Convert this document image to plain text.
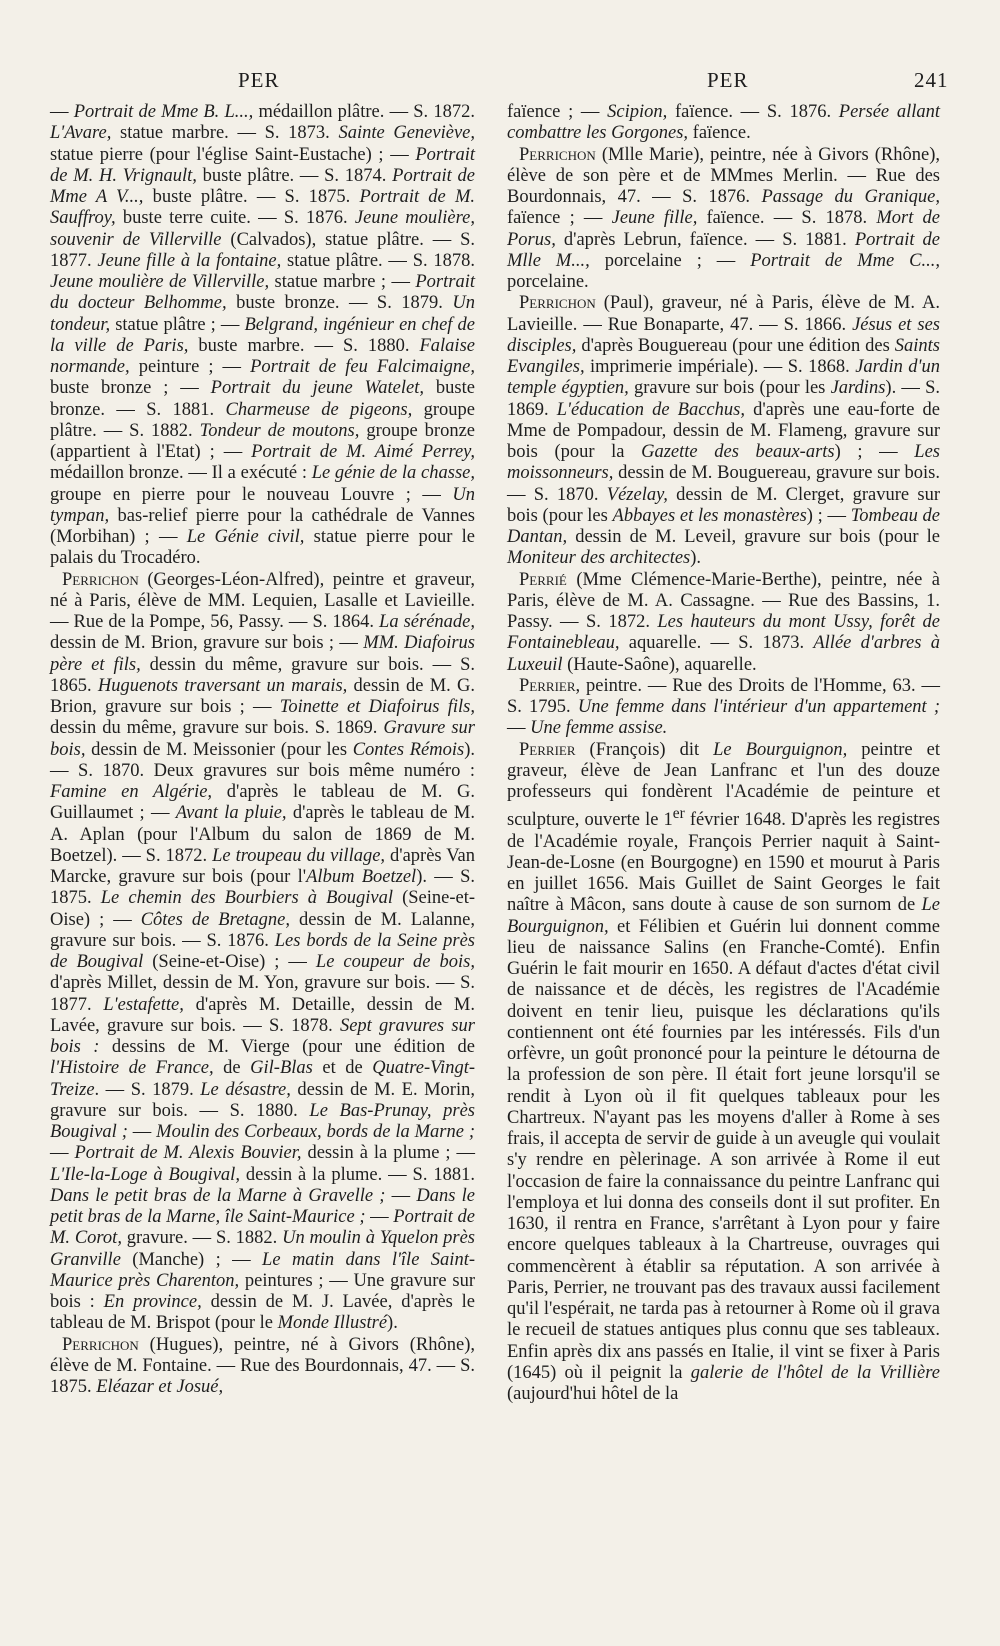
PER	PER	241

— Portrait de Mme B. L..., médaillon plâtre. — S. 1872. L'Avare, statue marbre. — S. 1873. Sainte Geneviève, statue pierre (pour l'église Saint-Eustache) ; — Portrait de M. H. Vrignault, buste plâtre. — S. 1874. Portrait de Mme A V..., buste plâtre. — S. 1875. Portrait de M. Sauffroy, buste terre cuite. — S. 1876. Jeune moulière, souvenir de Villerville (Calvados), statue plâtre. — S. 1877. Jeune fille à la fontaine, statue plâtre. — S. 1878. Jeune moulière de Villerville, statue marbre ; — Portrait du docteur Belhomme, buste bronze. — S. 1879. Un tondeur, statue plâtre ; — Belgrand, ingénieur en chef de la ville de Paris, buste marbre. — S. 1880. Falaise normande, peinture ; — Portrait de feu Falcimaigne, buste bronze ; — Portrait du jeune Watelet, buste bronze. — S. 1881. Charmeuse de pigeons, groupe plâtre. — S. 1882. Tondeur de moutons, groupe bronze (appartient à l'Etat) ; — Portrait de M. Aimé Perrey, médaillon bronze. — Il a exécuté : Le génie de la chasse, groupe en pierre pour le nouveau Louvre ; — Un tympan, bas-relief pierre pour la cathédrale de Vannes (Morbihan) ; — Le Génie civil, statue pierre pour le palais du Trocadéro.

Perrichon (Georges-Léon-Alfred), peintre et graveur, né à Paris, élève de MM. Lequien, Lasalle et Lavieille. — Rue de la Pompe, 56, Passy. — S. 1864. La sérénade, dessin de M. Brion, gravure sur bois ; — MM. Diafoirus père et fils, dessin du même, gravure sur bois. — S. 1865. Huguenots traversant un marais, dessin de M. G. Brion, gravure sur bois ; — Toinette et Diafoirus fils, dessin du même, gravure sur bois. S. 1869. Gravure sur bois, dessin de M. Meissonier (pour les Contes Rémois). — S. 1870. Deux gravures sur bois même numéro : Famine en Algérie, d'après le tableau de M. G. Guillaumet ; — Avant la pluie, d'après le tableau de M. A. Aplan (pour l'Album du salon de 1869 de M. Boetzel). — S. 1872. Le troupeau du village, d'après Van Marcke, gravure sur bois (pour l'Album Boetzel). — S. 1875. Le chemin des Bourbiers à Bougival (Seine-et-Oise) ; — Côtes de Bretagne, dessin de M. Lalanne, gravure sur bois. — S. 1876. Les bords de la Seine près de Bougival (Seine-et-Oise) ; — Le coupeur de bois, d'après Millet, dessin de M. Yon, gravure sur bois. — S. 1877. L'estafette, d'après M. Detaille, dessin de M. Lavée, gravure sur bois. — S. 1878. Sept gravures sur bois : dessins de M. Vierge (pour une édition de l'Histoire de France, de Gil-Blas et de Quatre-Vingt-Treize. — S. 1879. Le désastre, dessin de M. E. Morin, gravure sur bois. — S. 1880. Le Bas-Prunay, près Bougival ; — Moulin des Corbeaux, bords de la Marne ; — Portrait de M. Alexis Bouvier, dessin à la plume ; — L'Ile-la-Loge à Bougival, dessin à la plume. — S. 1881. Dans le petit bras de la Marne à Gravelle ; — Dans le petit bras de la Marne, île Saint-Maurice ; — Portrait de M. Corot, gravure. — S. 1882. Un moulin à Yquelon près Granville (Manche) ; — Le matin dans l'île Saint-Maurice près Charenton, peintures ; — Une gravure sur bois : En province, dessin de M. J. Lavée, d'après le tableau de M. Brispot (pour le Monde Illustré).

Perrichon (Hugues), peintre, né à Givors (Rhône), élève de M. Fontaine. — Rue des Bourdonnais, 47. — S. 1875. Eléazar et Josué,

faïence ; — Scipion, faïence. — S. 1876. Persée allant combattre les Gorgones, faïence.

Perrichon (Mlle Marie), peintre, née à Givors (Rhône), élève de son père et de MMmes Merlin. — Rue des Bourdonnais, 47. — S. 1876. Passage du Granique, faïence ; — Jeune fille, faïence. — S. 1878. Mort de Porus, d'après Lebrun, faïence. — S. 1881. Portrait de Mlle M..., porcelaine ; — Portrait de Mme C..., porcelaine.

Perrichon (Paul), graveur, né à Paris, élève de M. A. Lavieille. — Rue Bonaparte, 47. — S. 1866. Jésus et ses disciples, d'après Bouguereau (pour une édition des Saints Evangiles, imprimerie impériale). — S. 1868. Jardin d'un temple égyptien, gravure sur bois (pour les Jardins). — S. 1869. L'éducation de Bacchus, d'après une eau-forte de Mme de Pompadour, dessin de M. Flameng, gravure sur bois (pour la Gazette des beaux-arts) ; — Les moissonneurs, dessin de M. Bouguereau, gravure sur bois. — S. 1870. Vézelay, dessin de M. Clerget, gravure sur bois (pour les Abbayes et les monastères) ; — Tombeau de Dantan, dessin de M. Leveil, gravure sur bois (pour le Moniteur des architectes).

Perrié (Mme Clémence-Marie-Berthe), peintre, née à Paris, élève de M. A. Cassagne. — Rue des Bassins, 1. Passy. — S. 1872. Les hauteurs du mont Ussy, forêt de Fontainebleau, aquarelle. — S. 1873. Allée d'arbres à Luxeuil (Haute-Saône), aquarelle.

Perrier, peintre. — Rue des Droits de l'Homme, 63. — S. 1795. Une femme dans l'intérieur d'un appartement ; — Une femme assise.

Perrier (François) dit Le Bourguignon, peintre et graveur, élève de Jean Lanfranc et l'un des douze professeurs qui fondèrent l'Académie de peinture et sculpture, ouverte le 1er février 1648. D'après les registres de l'Académie royale, François Perrier naquit à Saint-Jean-de-Losne (en Bourgogne) en 1590 et mourut à Paris en juillet 1656. Mais Guillet de Saint Georges le fait naître à Mâcon, sans doute à cause de son surnom de Le Bourguignon, et Félibien et Guérin lui donnent comme lieu de naissance Salins (en Franche-Comté). Enfin Guérin le fait mourir en 1650. A défaut d'actes d'état civil de naissance et de décès, les registres de l'Académie doivent en tenir lieu, puisque les déclarations qu'ils contiennent ont été fournies par les intéressés. Fils d'un orfèvre, un goût prononcé pour la peinture le détourna de la profession de son père. Il était fort jeune lorsqu'il se rendit à Lyon où il fit quelques tableaux pour les Chartreux. N'ayant pas les moyens d'aller à Rome à ses frais, il accepta de servir de guide à un aveugle qui voulait s'y rendre en pèlerinage. A son arrivée à Rome il eut l'occasion de faire la connaissance du peintre Lanfranc qui l'employa et lui donna des conseils dont il sut profiter. En 1630, il rentra en France, s'arrêtant à Lyon pour y faire encore quelques tableaux à la Chartreuse, ouvrages qui commencèrent à établir sa réputation. A son arrivée à Paris, Perrier, ne trouvant pas des travaux aussi facilement qu'il l'espérait, ne tarda pas à retourner à Rome où il grava le recueil de statues antiques plus connu que ses tableaux. Enfin après dix ans passés en Italie, il vint se fixer à Paris (1645) où il peignit la galerie de l'hôtel de la Vrillière (aujourd'hui hôtel de la
